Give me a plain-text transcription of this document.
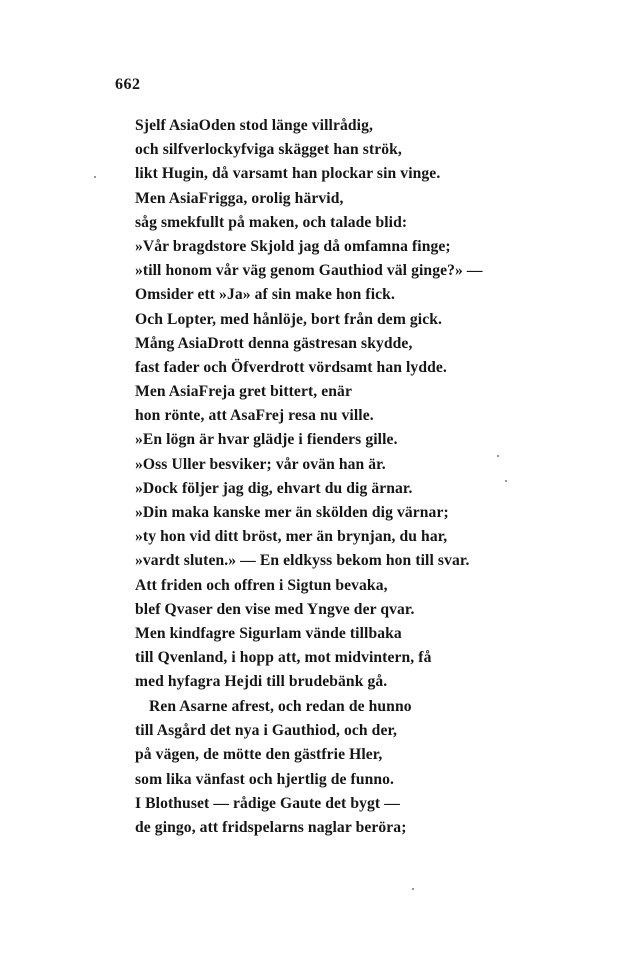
662
Sjelf AsiaOden stod länge villrådig,
och silfverlockyfviga skägget han strök,
likt Hugin, då varsamt han plockar sin vinge.
Men AsiaFrigga, orolig härvid,
såg smekfullt på maken, och talade blid:
»Vår bragdstore Skjold jag då omfamna finge;
»till honom vår väg genom Gauthiod väl ginge?» —
Omsider ett »Ja» af sin make hon fick.
Och Lopter, med hånlöje, bort från dem gick.
Mång AsiaDrott denna gästresan skydde,
fast fader och Öfverdrott vördsamt han lydde.
Men AsiaFreja gret bittert, enär
hon rönte, att AsaFrej resa nu ville.
»En lögn är hvar glädje i fienders gille.
»Oss Uller besviker; vår ovän han är.
»Dock följer jag dig, ehvart du dig ärnar.
»Din maka kanske mer än skölden dig värnar;
»ty hon vid ditt bröst, mer än brynjan, du har,
»vardt sluten.» — En eldkyss bekom hon till svar.
Att friden och offren i Sigtun bevaka,
blef Qvaser den vise med Yngve der qvar.
Men kindfagre Sigurlam vände tillbaka
till Qvenland, i hopp att, mot midvintern, få
med hyfagra Hejdi till brudebänk gå.
Ren Asarne afrest, och redan de hunno
till Asgård det nya i Gauthiod, och der,
på vägen, de mötte den gästfrie Hler,
som lika vänfast och hjertlig de funno.
I Blothuset — rådige Gaute det bygt —
de gingo, att fridspelarns naglar beröra;
